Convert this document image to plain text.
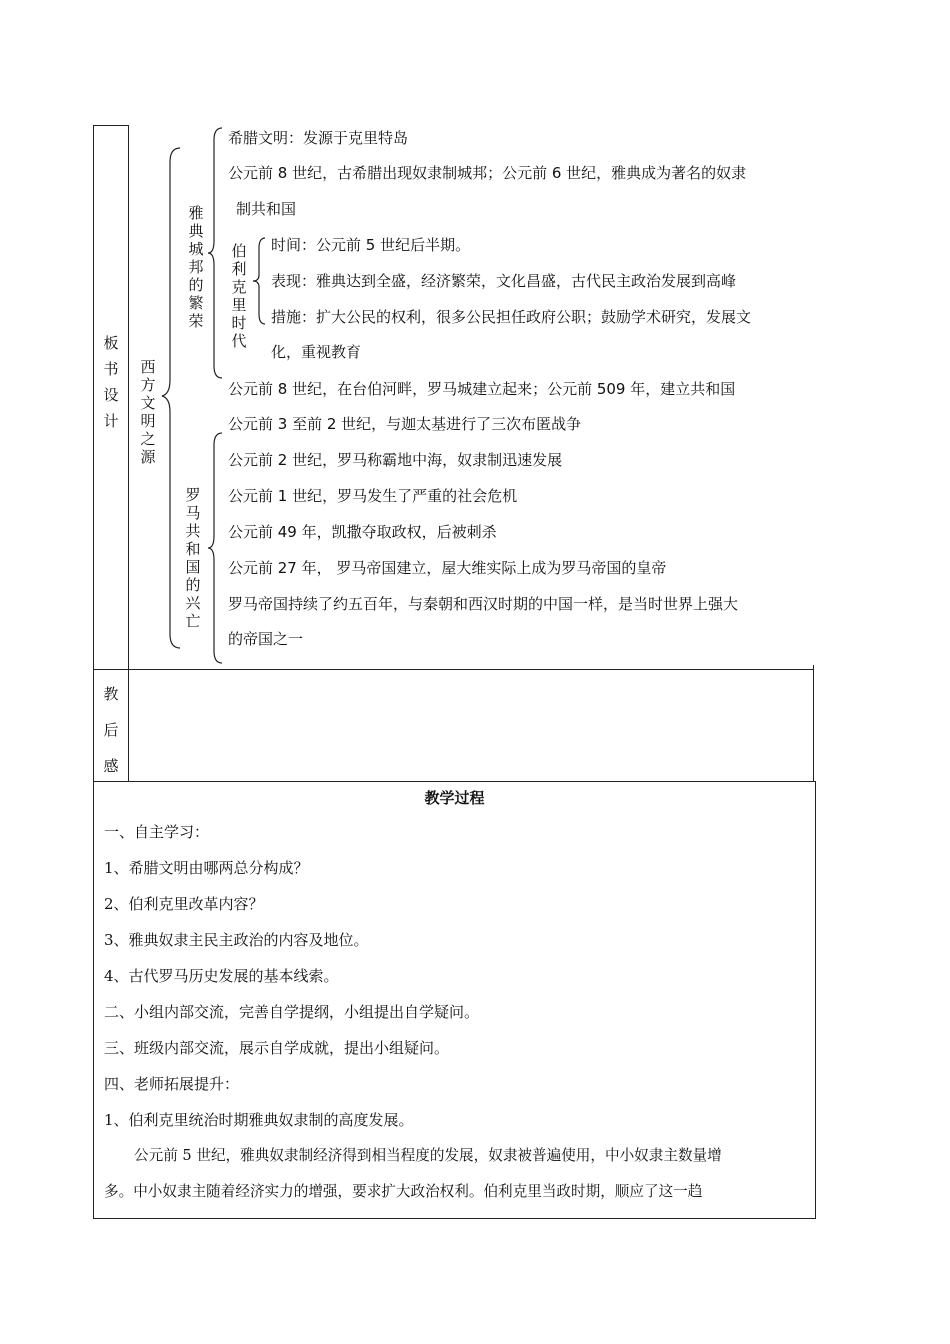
板书设计
教后感
西方文明之源
雅典城邦的繁荣
伯利克里时代
罗马共和国的兴亡
希腊文明：发源于克里特岛
公元前 8 世纪，古希腊出现奴隶制城邦；公元前 6 世纪，雅典成为著名的奴隶
制共和国
时间：公元前 5 世纪后半期。
表现：雅典达到全盛，经济繁荣，文化昌盛，古代民主政治发展到高峰
措施：扩大公民的权利，很多公民担任政府公职；鼓励学术研究，发展文
化，重视教育
公元前 8 世纪，在台伯河畔，罗马城建立起来；公元前 509 年，建立共和国
公元前 3 至前 2 世纪，与迦太基进行了三次布匿战争
公元前 2 世纪，罗马称霸地中海，奴隶制迅速发展
公元前 1 世纪，罗马发生了严重的社会危机
公元前 49 年，凯撒夺取政权，后被刺杀
公元前 27 年， 罗马帝国建立，屋大维实际上成为罗马帝国的皇帝
罗马帝国持续了约五百年，与秦朝和西汉时期的中国一样，是当时世界上强大
的帝国之一
教学过程
一、自主学习：
1、希腊文明由哪两总分构成？
2、伯利克里改革内容？
3、雅典奴隶主民主政治的内容及地位。
4、古代罗马历史发展的基本线索。
二、小组内部交流，完善自学提纲，小组提出自学疑问。
三、班级内部交流，展示自学成就，提出小组疑问。
四、老师拓展提升：
1、伯利克里统治时期雅典奴隶制的高度发展。
公元前 5 世纪，雅典奴隶制经济得到相当程度的发展，奴隶被普遍使用，中小奴隶主数量增
多。中小奴隶主随着经济实力的增强，要求扩大政治权利。伯利克里当政时期，顺应了这一趋
